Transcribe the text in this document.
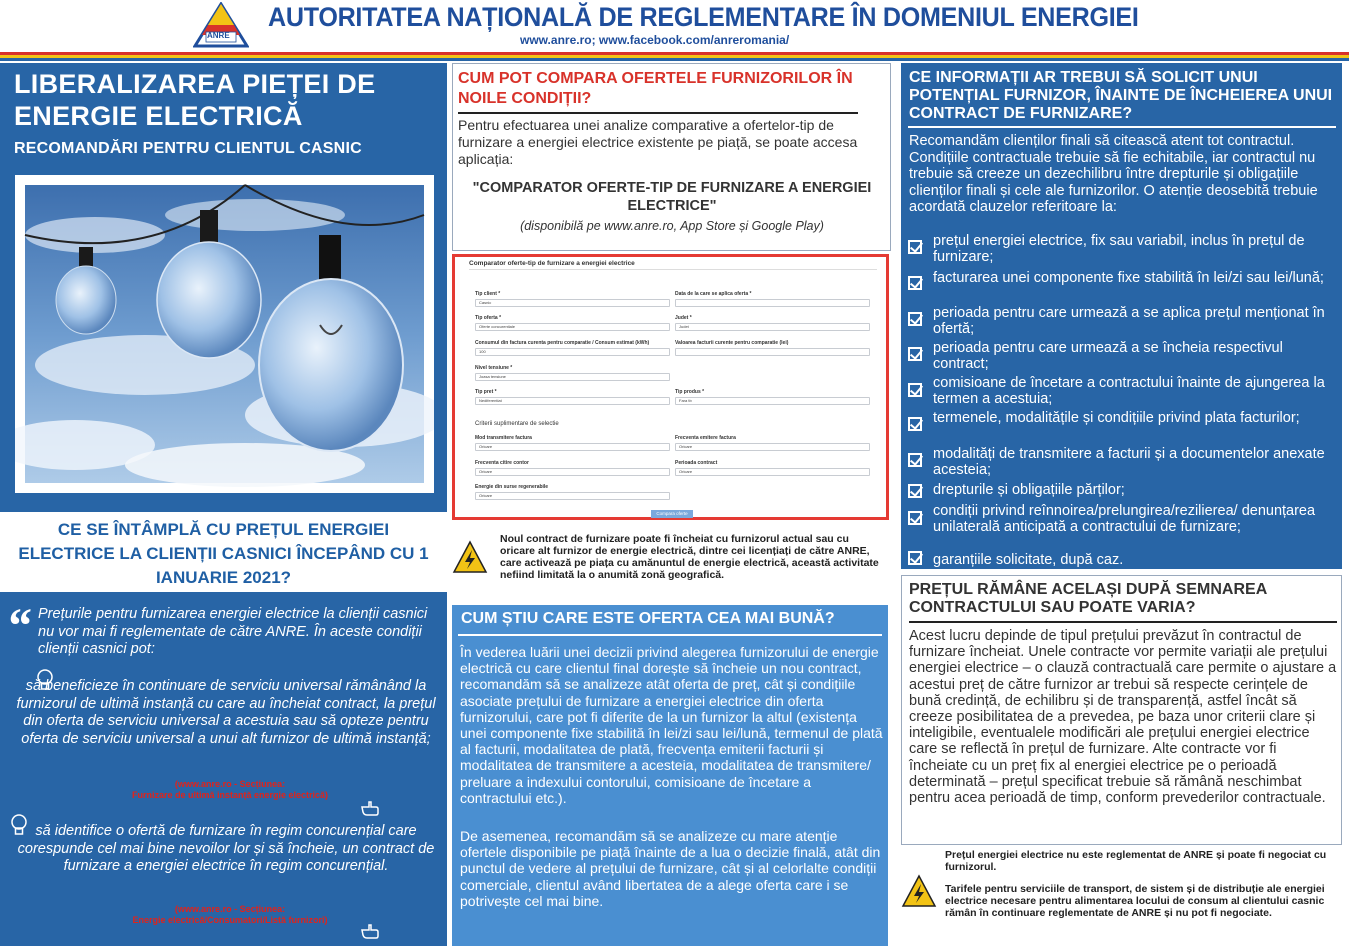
ANRE
AUTORITATEA NAȚIONALĂ DE REGLEMENTARE ÎN DOMENIUL ENERGIEI
www.anre.ro; www.facebook.com/anreromania/
LIBERALIZAREA PIEȚEI DE ENERGIE ELECTRICĂ
RECOMANDĂRI PENTRU CLIENTUL CASNIC
CE SE ÎNTÂMPLĂ CU PREȚUL ENERGIEI ELECTRICE LA CLIENȚII CASNICI ÎNCEPÂND CU 1 IANUARIE 2021?
“ Prețurile pentru furnizarea energiei electrice la clienții casnici nu vor mai fi reglementate de către ANRE. În aceste condiții clienții casnici pot:
să beneficieze în continuare de serviciu universal rămânând la furnizorul de ultimă instanță cu care au încheiat contract, la prețul din oferta de serviciu universal a acestuia sau să opteze pentru oferta de serviciu universal a unui alt furnizor de ultimă instanță;
(www.anre.ro - Secțiunea:
Furnizare de ultimă instanță energie electrică)
să identifice o ofertă de furnizare în regim concurențial care corespunde cel mai bine nevoilor lor și să încheie, un contract de furnizare a energiei electrice în regim concurențial.
(www.anre.ro - Secțiunea:
Energie electrică/Consumatori/Listă furnizori)
CUM POT COMPARA OFERTELE FURNIZORILOR ÎN NOILE CONDIȚII?
Pentru efectuarea unei analize comparative a ofertelor-tip de furnizare a energiei electrice existente pe piață, se poate accesa aplicația:
"COMPARATOR OFERTE-TIP DE FURNIZARE A ENERGIEI ELECTRICE"
(disponibilă pe www.anre.ro, App Store și Google Play)
Comparator oferte-tip de furnizare a energiei electrice
Tip client *
Casnic
Data de la care se aplica oferta *
Tip oferta *
Oferte concurentiale
Judet *
Judet
Consumul din factura curenta pentru comparatie / Consum estimat (kWh)
100
Valoarea facturii curente pentru comparatie (lei)
Nivel tensiune *
Joasa tensiune
Tip pret *
Nediferentiat
Tip produs *
Fara tb
Criterii suplimentare de selectie
Mod transmitere factura
Oricare
Frecventa emitere factura
Oricare
Frecventa citire contor
Oricare
Perioada contract
Oricare
Energie din surse regenerabile
Oricare
Compara oferte
Noul contract de furnizare poate fi încheiat cu furnizorul actual sau cu oricare alt furnizor de energie electrică, dintre cei licențiați de către ANRE, care activează pe piața cu amănuntul de energie electrică, această activitate nefiind limitată la o anumită zonă geografică.
CUM ȘTIU CARE ESTE OFERTA CEA MAI BUNĂ?
În vederea luării unei decizii privind alegerea furnizorului de energie electrică cu care clientul final dorește să încheie un nou contract, recomandăm să se analizeze atât oferta de preț, cât și condițiile asociate prețului de furnizare a energiei electrice din oferta furnizorului, care pot fi diferite de la un furnizor la altul (existența unei componente fixe stabilită în lei/zi sau lei/lună, termenul de plată al facturii, modalitatea de plată, frecvența emiterii facturii și modalitatea de transmitere a acesteia, modalitatea de transmitere/ preluare a indexului contorului, comisioane de încetare a contractului etc.).
De asemenea, recomandăm să se analizeze cu mare atenție ofertele disponibile pe piață înainte de a lua o decizie finală, atât din punctul de vedere al prețului de furnizare, cât și al celorlalte condiții comerciale, clientul având libertatea de a alege oferta care i se potrivește cel mai bine.
CE INFORMAȚII AR TREBUI SĂ SOLICIT UNUI POTENȚIAL FURNIZOR, ÎNAINTE DE ÎNCHEIEREA UNUI CONTRACT DE FURNIZARE?
Recomandăm clienților finali să citească atent tot contractul. Condițiile contractuale trebuie să fie echitabile, iar contractul nu trebuie să creeze un dezechilibru între drepturile și obligațiile clienților finali și cele ale furnizorilor. O atenție deosebită trebuie acordată clauzelor referitoare la:
prețul energiei electrice, fix sau variabil, inclus în prețul de furnizare;
facturarea unei componente fixe stabilită în lei/zi sau lei/lună;
perioada pentru care urmează a se aplica prețul menționat în ofertă;
perioada pentru care urmează a se încheia respectivul contract;
comisioane de încetare a contractului înainte de ajungerea la termen a acestuia;
termenele, modalitățile și condițiile privind plata facturilor;
modalități de transmitere a facturii și a documentelor anexate acesteia;
drepturile și obligațiile părților;
condiții privind reînnoirea/prelungirea/rezilierea/ denunțarea unilaterală anticipată a contractului de furnizare;
garanțiile solicitate, după caz.
PREȚUL RĂMÂNE ACELAȘI DUPĂ SEMNAREA CONTRACTULUI SAU POATE VARIA?
Acest lucru depinde de tipul prețului prevăzut în contractul de furnizare încheiat. Unele contracte vor permite variații ale prețului energiei electrice – o clauză contractuală care permite o ajustare a acestui preț de către furnizor ar trebui să respecte cerințele de bună credință, de echilibru și de transparență, astfel încât să creeze posibilitatea de a prevedea, pe baza unor criterii clare și inteligibile, eventualele modificări ale prețului energiei electrice care se reflectă în prețul de furnizare. Alte contracte vor fi încheiate cu un preț fix al energiei electrice pe o perioadă determinată – prețul specificat trebuie să rămână neschimbat pentru acea perioadă de timp, conform prevederilor contractuale.
Prețul energiei electrice nu este reglementat de ANRE și poate fi negociat cu furnizorul.
Tarifele pentru serviciile de transport, de sistem și de distribuție ale energiei electrice necesare pentru alimentarea locului de consum al clientului casnic rămân în continuare reglementate de ANRE și nu pot fi negociate.
